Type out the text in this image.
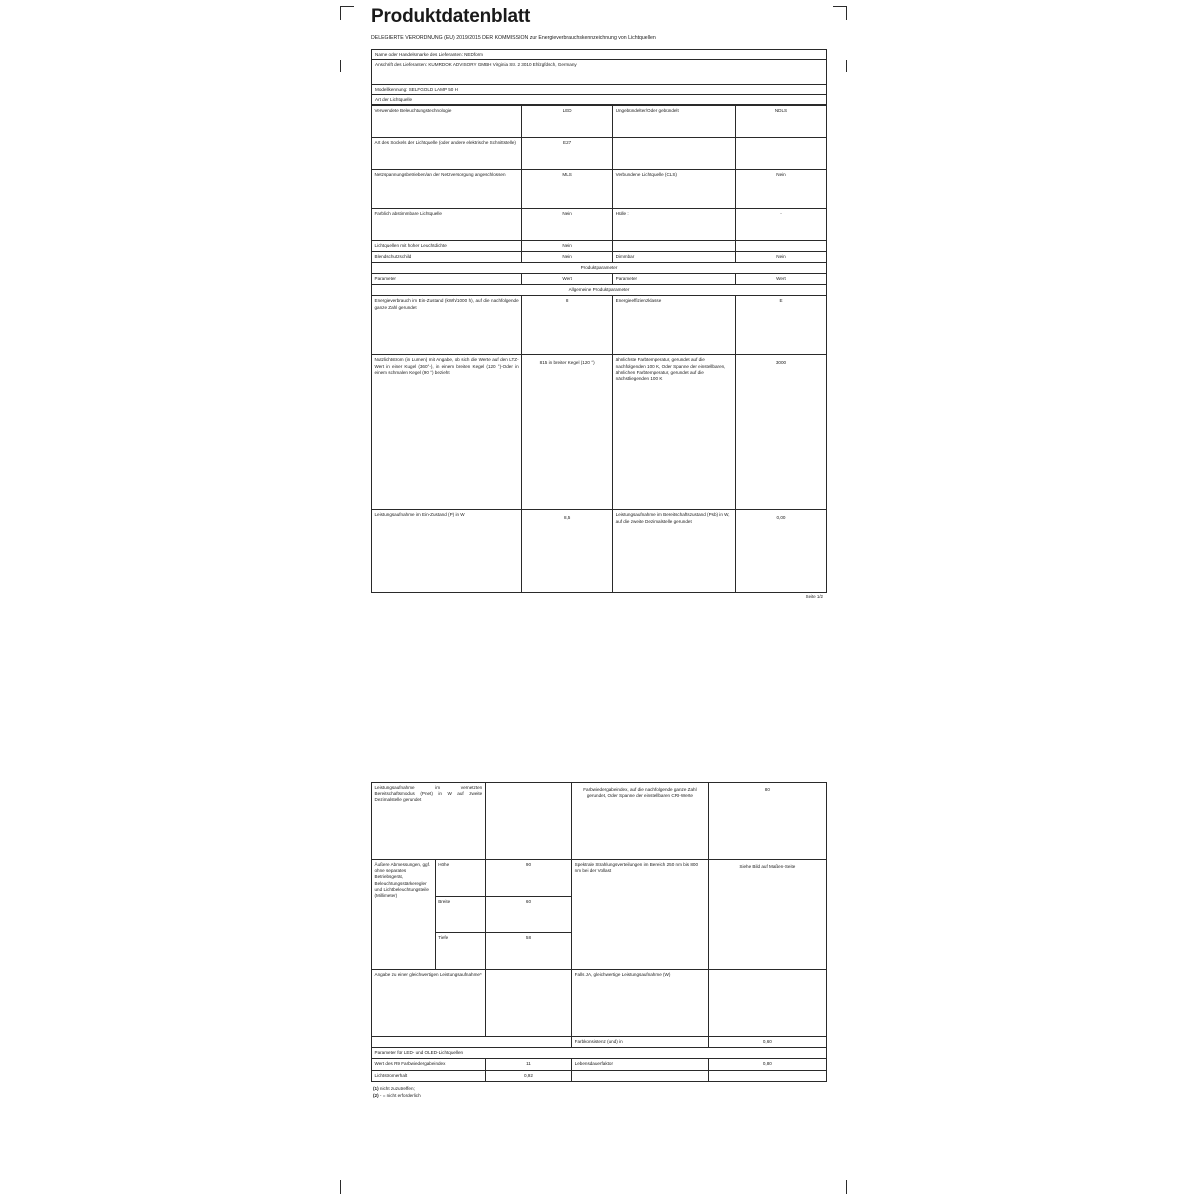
Produktdatenblatt

DELEGIERTE VERORDNUNG (EU) 2019/2015 DER KOMMISSION zur Energieverbrauchskennzeichnung von Lichtquellen

Name oder Handelsmarke des Lieferanten: NEDform
Anschrift des Lieferanten: KUMRDOK ADVISORY GMBH Virginia Str. 2 3010 Ehlzgfdsch, Germany
Modellkennung: SELFGOLD LAMP 50 H
Art der Lichtquelle
Verwendete Beleuchtungstechnologie	LED	Ungebündelter/Oder gebündelt	NDLS
Art des Sockels der Lichtquelle (oder andere elektrische Schnittstelle)	E27		
Netzspannungsbetrieben/an der Netzversorgung angeschlossen	MLS	Verbundene Lichtquelle (CLS)	Nein
Farblich abstimmbare Lichtquelle	Nein	Hülle :	-
Lichtquellen mit hoher Leuchtdichte	Nein		
Blendschutzschild	Nein	Dimmbar	Nein
Produktparameter			
Parameter	Wert	Parameter	Wert
Allgemeine Produktparameter			
Energieverbrauch im Ein-Zustand (kWh/1000 h), auf die nachfolgende ganze Zahl gerundet	8	Energieeffizienzklasse	E
Nutzlichtstrom (in Lumen) mit Angabe, ob sich die Werte auf den LTZ-Wert in einer Kugel (360°-), in einem breiten Kegel (120 °)-Oder in einem schmalen Kegel (90 °) bezieht	815 in breiter Kegel (120 °)	ähnlichste Farbtemperatur, gerundet auf die nachfolgenden 100 K, Oder Spanne der einstellbaren, ähnlichen Farbtemperatur, gerundet auf die nächstliegenden 100 K	3000
Leistungsaufnahme im Ein-Zustand (P) in W	8,5	Leistungsaufnahme im Bereitschaftszustand (Psb) in W, auf die zweite Dezimalstelle gerundet	0,00
Seite 1/2
Leistungsaufnahme im vernetzten Bereitschaftsmodus (Pnet) in W auf zweite Dezimalstelle gerundet			Farbwiedergabeindex, auf die nachfolgende ganze Zahl gerundet, Oder Spanne der einstellbaren CRI-Werte	80
Äußere Abmessungen, ggf. ohne separates Betriebsgerät, Beleuchtungsstärkeregler und Lichtbeleuchtungsteile (Millimeter)	Höhe	90	Spektrale Strahlungsverteilungen im Bereich 250 nm bis 800 nm bei der Vollast	Siehe Bild auf Maßen-Seite
	Breite	60		
	Tiefe	58		
Angabe zu einer gleichwertigen Leistungsaufnahme*			Falls JA, gleichwertige Leistungsaufnahme (W)	
			Farbkonsistenz (und) in	0,60
Parameter für LED- und OLED-Lichtquellen				
Wert des R9 Farbwiedergabeindex		11	Lebensdauerfaktor	0,80
Lichtstromerhalt		0,92		
(1) nicht zuzutreffen;
(2) - = nicht erforderlich
